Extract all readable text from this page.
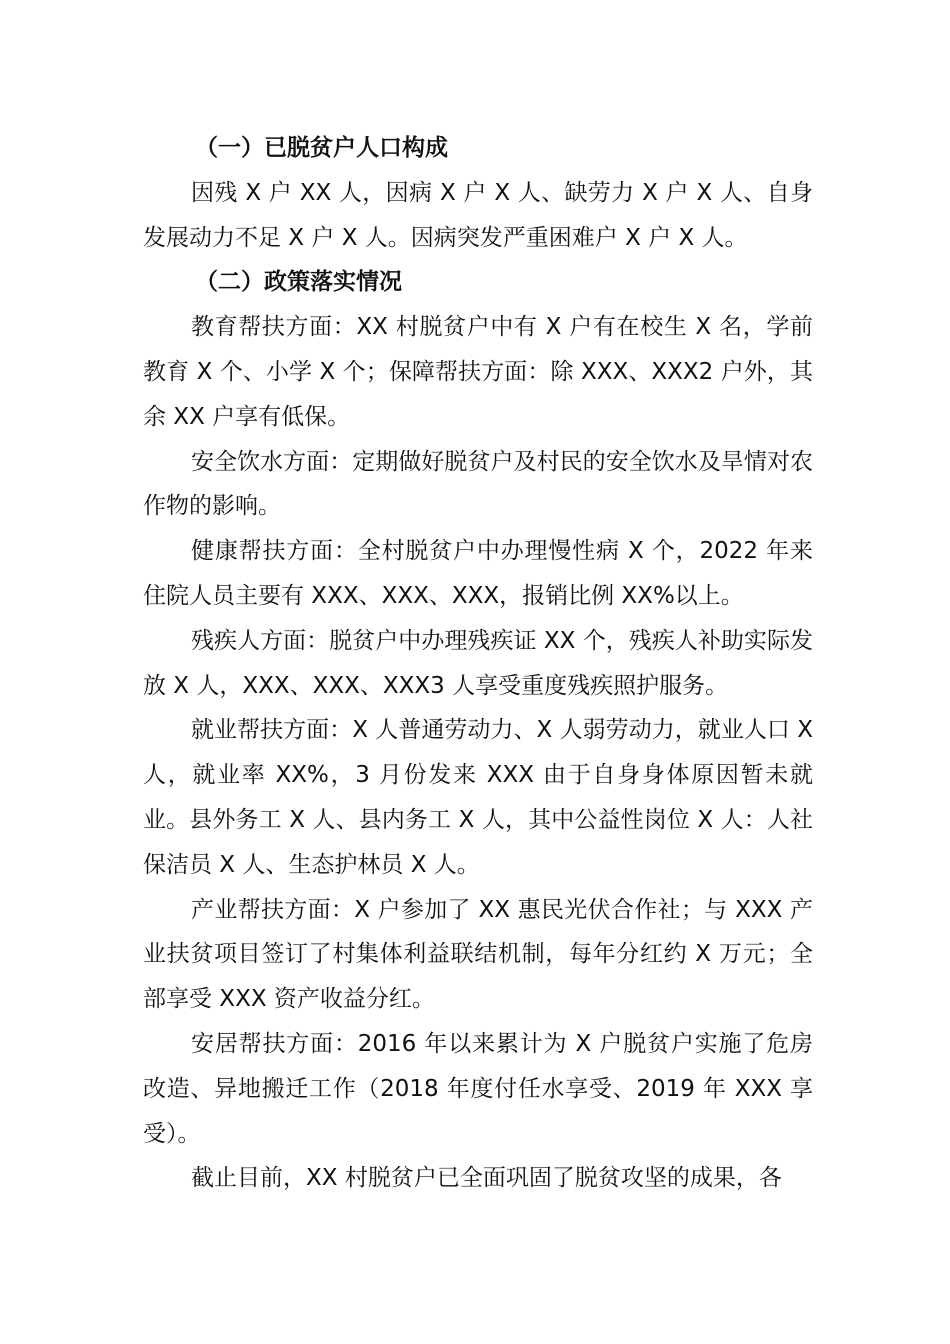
（一）已脱贫户人口构成

因残 X 户 XX 人，因病 X 户 X 人、缺劳力 X 户 X 人、自身发展动力不足 X 户 X 人。因病突发严重困难户 X 户 X 人。

（二）政策落实情况

教育帮扶方面：XX 村脱贫户中有 X 户有在校生 X 名，学前教育 X 个、小学 X 个；保障帮扶方面：除 XXX、XXX2 户外，其余 XX 户享有低保。

安全饮水方面：定期做好脱贫户及村民的安全饮水及旱情对农作物的影响。

健康帮扶方面：全村脱贫户中办理慢性病 X 个，2022 年来住院人员主要有 XXX、XXX、XXX，报销比例 XX%以上。

残疾人方面：脱贫户中办理残疾证 XX 个，残疾人补助实际发放 X 人，XXX、XXX、XXX3 人享受重度残疾照护服务。

就业帮扶方面：X 人普通劳动力、X 人弱劳动力，就业人口 X 人，就业率 XX%，3 月份发来 XXX 由于自身身体原因暂未就业。县外务工 X 人、县内务工 X 人，其中公益性岗位 X 人：人社保洁员 X 人、生态护林员 X 人。

产业帮扶方面：X 户参加了 XX 惠民光伏合作社；与 XXX 产业扶贫项目签订了村集体利益联结机制，每年分红约 X 万元；全部享受 XXX 资产收益分红。

安居帮扶方面：2016 年以来累计为 X 户脱贫户实施了危房改造、异地搬迁工作（2018 年度付任水享受、2019 年 XXX 享受）。

截止目前，XX 村脱贫户已全面巩固了脱贫攻坚的成果，各
